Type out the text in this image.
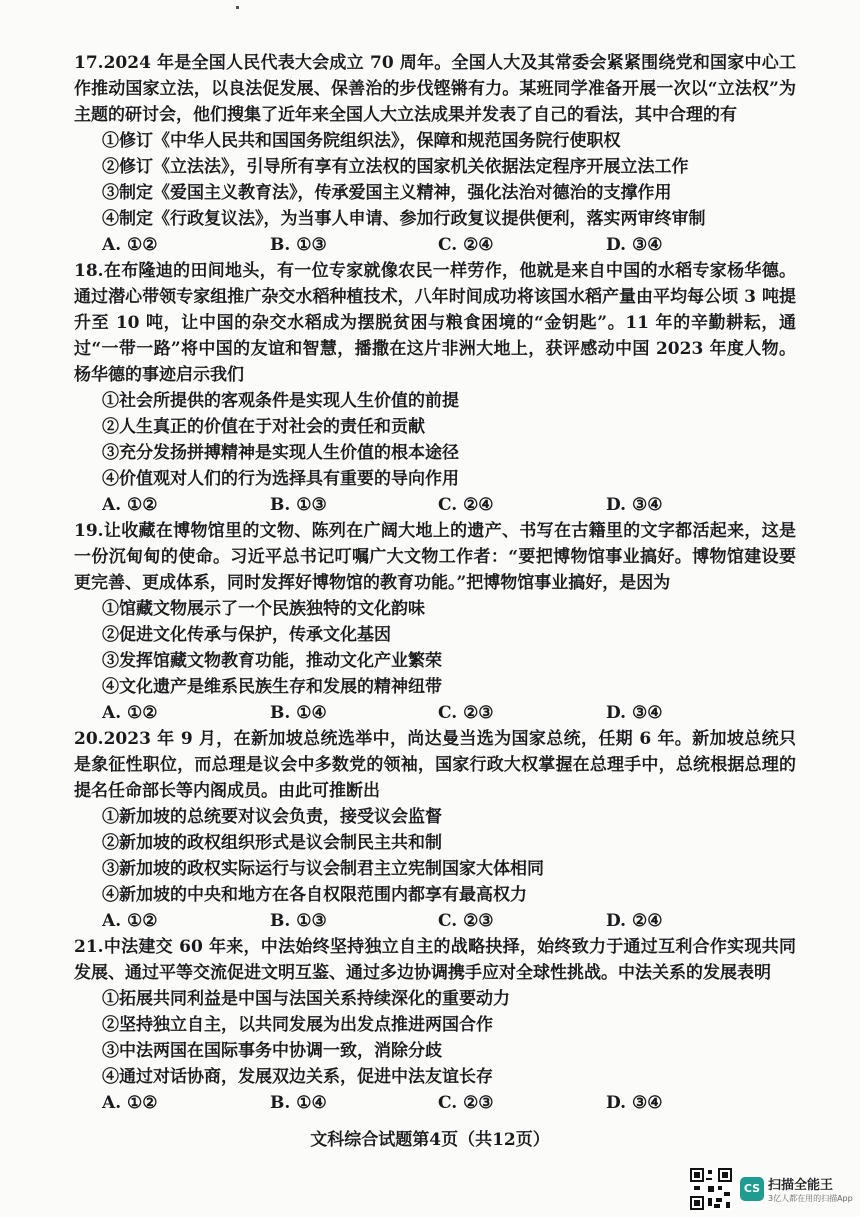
17.2024 年是全国人民代表大会成立 70 周年。全国人大及其常委会紧紧围绕党和国家中心工作推动国家立法，以良法促发展、保善治的步伐铿锵有力。某班同学准备开展一次以“立法权”为主题的研讨会，他们搜集了近年来全国人大立法成果并发表了自己的看法，其中合理的有
①修订《中华人民共和国国务院组织法》，保障和规范国务院行使职权
②修订《立法法》，引导所有享有立法权的国家机关依据法定程序开展立法工作
③制定《爱国主义教育法》，传承爱国主义精神，强化法治对德治的支撑作用
④制定《行政复议法》，为当事人申请、参加行政复议提供便利，落实两审终审制
A. ①②	B. ①③	C. ②④	D. ③④
18.在布隆迪的田间地头，有一位专家就像农民一样劳作，他就是来自中国的水稻专家杨华德。通过潜心带领专家组推广杂交水稻种植技术，八年时间成功将该国水稻产量由平均每公顷 3 吨提升至 10 吨，让中国的杂交水稻成为摆脱贫困与粮食困境的“金钥匙”。11 年的辛勤耕耘，通过“一带一路”将中国的友谊和智慧，播撒在这片非洲大地上，获评感动中国 2023 年度人物。杨华德的事迹启示我们
①社会所提供的客观条件是实现人生价值的前提
②人生真正的价值在于对社会的责任和贡献
③充分发扬拼搏精神是实现人生价值的根本途径
④价值观对人们的行为选择具有重要的导向作用
A. ①②	B. ①③	C. ②④	D. ③④
19.让收藏在博物馆里的文物、陈列在广阔大地上的遗产、书写在古籍里的文字都活起来，这是一份沉甸甸的使命。习近平总书记叮嘱广大文物工作者：“要把博物馆事业搞好。博物馆建设要更完善、更成体系，同时发挥好博物馆的教育功能。”把博物馆事业搞好，是因为
①馆藏文物展示了一个民族独特的文化韵味
②促进文化传承与保护，传承文化基因
③发挥馆藏文物教育功能，推动文化产业繁荣
④文化遗产是维系民族生存和发展的精神纽带
A. ①②	B. ①④	C. ②③	D. ③④
20.2023 年 9 月，在新加坡总统选举中，尚达曼当选为国家总统，任期 6 年。新加坡总统只是象征性职位，而总理是议会中多数党的领袖，国家行政大权掌握在总理手中，总统根据总理的提名任命部长等内阁成员。由此可推断出
①新加坡的总统要对议会负责，接受议会监督
②新加坡的政权组织形式是议会制民主共和制
③新加坡的政权实际运行与议会制君主立宪制国家大体相同
④新加坡的中央和地方在各自权限范围内都享有最高权力
A. ①②	B. ①③	C. ②③	D. ②④
21.中法建交 60 年来，中法始终坚持独立自主的战略抉择，始终致力于通过互利合作实现共同发展、通过平等交流促进文明互鉴、通过多边协调携手应对全球性挑战。中法关系的发展表明
①拓展共同利益是中国与法国关系持续深化的重要动力
②坚持独立自主，以共同发展为出发点推进两国合作
③中法两国在国际事务中协调一致，消除分歧
④通过对话协商，发展双边关系，促进中法友谊长存
A. ①②	B. ①④	C. ②③	D. ③④
文科综合试题第4页（共12页）
CS 扫描全能王
3亿人都在用的扫描App
